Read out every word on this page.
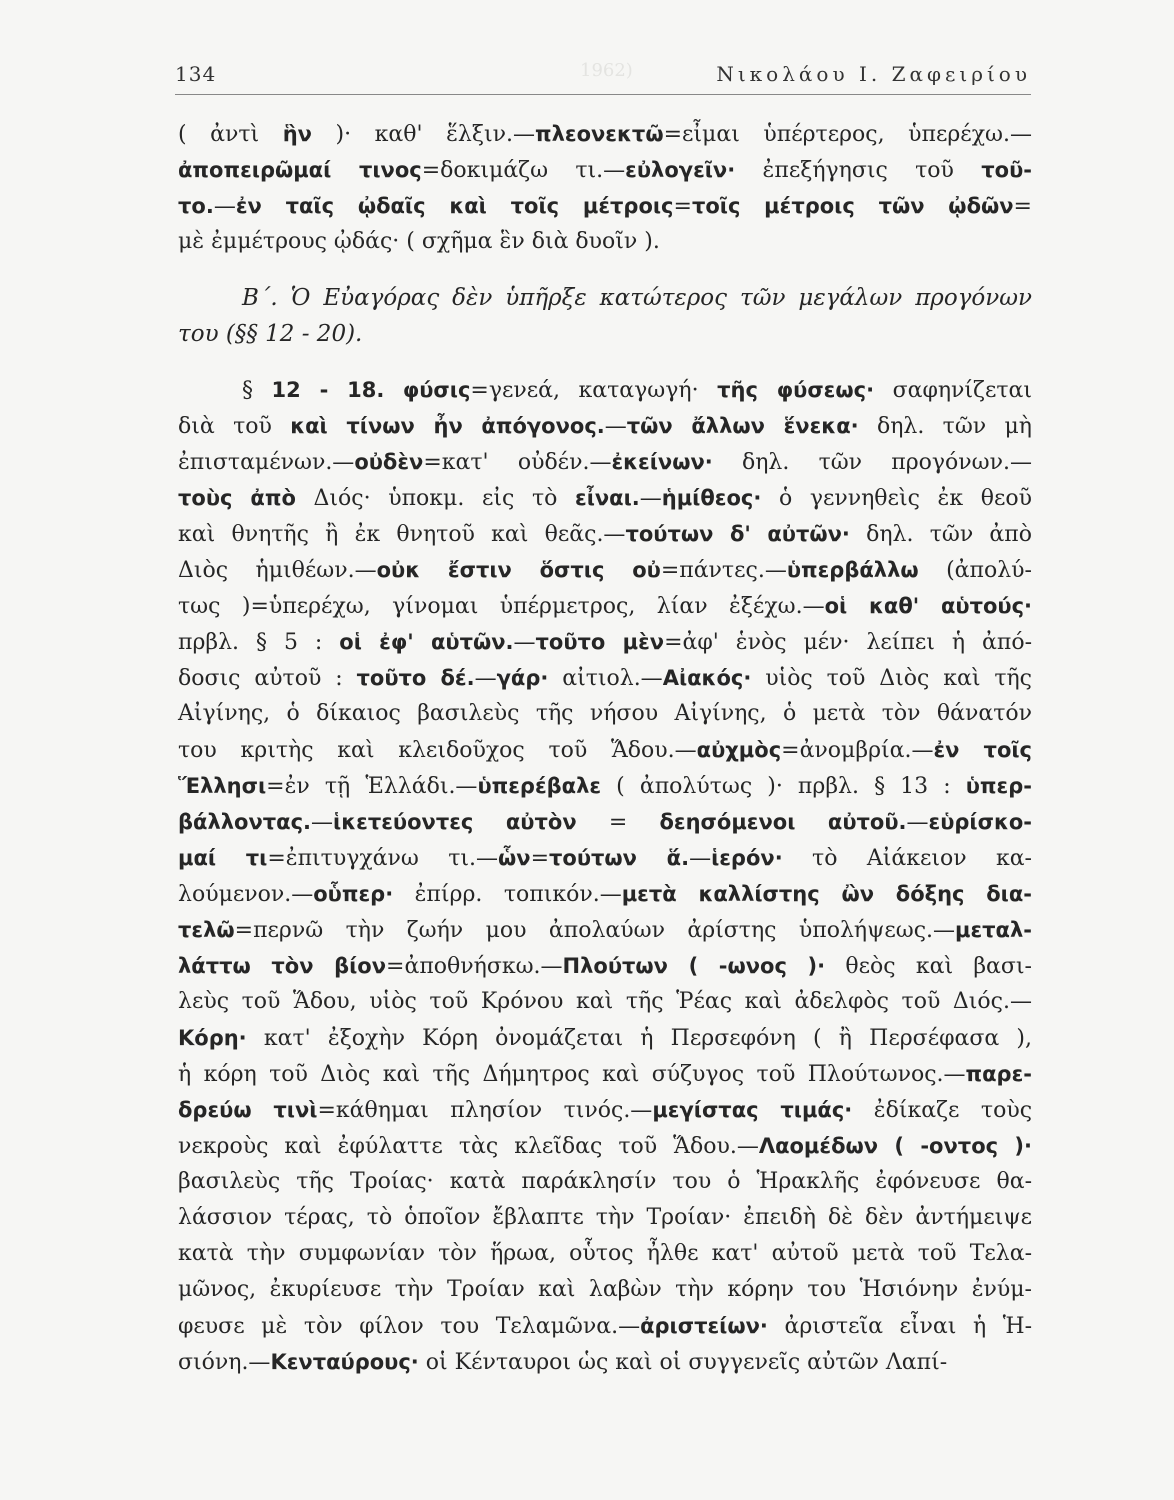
134	Νικολάου Ι. Ζαφειρίου
1962)
( ἀντὶ ἣν )· καθ' ἕλξιν.—πλεονεκτῶ=εἶμαι ὑπέρτερος, ὑπερέχω.—
ἀποπειρῶμαί τινος=δοκιμάζω τι.—εὐλογεῖν· ἐπεξήγησις τοῦ τοῦ-
το.—ἐν ταῖς ᾠδαῖς καὶ τοῖς μέτροις=τοῖς μέτροις τῶν ᾠδῶν=
μὲ ἐμμέτρους ᾠδάς· ( σχῆμα ἓν διὰ δυοῖν ).
Β΄. Ὁ Εὐαγόρας δὲν ὑπῆρξε κατώτερος τῶν μεγάλων προγόνων
του (§§ 12 - 20).
§ 12 - 18. φύσις=γενεά, καταγωγή· τῆς φύσεως· σαφηνίζεται
διὰ τοῦ καὶ τίνων ἦν ἀπόγονος.—τῶν ἄλλων ἕνεκα· δηλ. τῶν μὴ
ἐπισταμένων.—οὐδὲν=κατ' οὐδέν.—ἐκείνων· δηλ. τῶν προγόνων.—
τοὺς ἀπὸ Διός· ὑποκμ. εἰς τὸ εἶναι.—ἡμίθεος· ὁ γεννηθεὶς ἐκ θεοῦ
καὶ θνητῆς ἢ ἐκ θνητοῦ καὶ θεᾶς.—τούτων δ' αὐτῶν· δηλ. τῶν ἀπὸ
Διὸς ἡμιθέων.—οὐκ ἔστιν ὅστις οὐ=πάντες.—ὑπερβάλλω (ἀπολύ-
τως )=ὑπερέχω, γίνομαι ὑπέρμετρος, λίαν ἐξέχω.—οἱ καθ' αὑτούς·
πρβλ. § 5 : οἱ ἐφ' αὑτῶν.—τοῦτο μὲν=ἀφ' ἑνὸς μέν· λείπει ἡ ἀπό-
δοσις αὐτοῦ : τοῦτο δέ.—γάρ· αἰτιολ.—Αἰακός· υἱὸς τοῦ Διὸς καὶ τῆς
Αἰγίνης, ὁ δίκαιος βασιλεὺς τῆς νήσου Αἰγίνης, ὁ μετὰ τὸν θάνατόν
του κριτὴς καὶ κλειδοῦχος τοῦ Ἅδου.—αὐχμὸς=ἀνομβρία.—ἐν τοῖς
Ἕλλησι=ἐν τῇ Ἑλλάδι.—ὑπερέβαλε ( ἀπολύτως )· πρβλ. § 13 : ὑπερ-
βάλλοντας.—ἱκετεύοντες αὐτὸν = δεησόμενοι αὐτοῦ.—εὑρίσκο-
μαί τι=ἐπιτυγχάνω τι.—ὧν=τούτων ἅ.—ἱερόν· τὸ Αἰάκειον κα-
λούμενον.—οὗπερ· ἐπίρρ. τοπικόν.—μετὰ καλλίστης ὢν δόξης δια-
τελῶ=περνῶ τὴν ζωήν μου ἀπολαύων ἀρίστης ὑπολήψεως.—μεταλ-
λάττω τὸν βίον=ἀποθνήσκω.—Πλούτων ( -ωνος )· θεὸς καὶ βασι-
λεὺς τοῦ Ἅδου, υἱὸς τοῦ Κρόνου καὶ τῆς Ῥέας καὶ ἀδελφὸς τοῦ Διός.—
Κόρη· κατ' ἐξοχὴν Κόρη ὀνομάζεται ἡ Περσεφόνη ( ἢ Περσέφασα ),
ἡ κόρη τοῦ Διὸς καὶ τῆς Δήμητρος καὶ σύζυγος τοῦ Πλούτωνος.—παρε-
δρεύω τινὶ=κάθημαι πλησίον τινός.—μεγίστας τιμάς· ἐδίκαζε τοὺς
νεκροὺς καὶ ἐφύλαττε τὰς κλεῖδας τοῦ Ἅδου.—Λαομέδων ( -οντος )·
βασιλεὺς τῆς Τροίας· κατὰ παράκλησίν του ὁ Ἡρακλῆς ἐφόνευσε θα-
λάσσιον τέρας, τὸ ὁποῖον ἔβλαπτε τὴν Τροίαν· ἐπειδὴ δὲ δὲν ἀντήμειψε
κατὰ τὴν συμφωνίαν τὸν ἥρωα, οὗτος ἦλθε κατ' αὐτοῦ μετὰ τοῦ Τελα-
μῶνος, ἐκυρίευσε τὴν Τροίαν καὶ λαβὼν τὴν κόρην του Ἡσιόνην ἐνύμ-
φευσε μὲ τὸν φίλον του Τελαμῶνα.—ἀριστείων· ἀριστεῖα εἶναι ἡ Ἡ-
σιόνη.—Κενταύρους· οἱ Κένταυροι ὡς καὶ οἱ συγγενεῖς αὐτῶν Λαπί-
